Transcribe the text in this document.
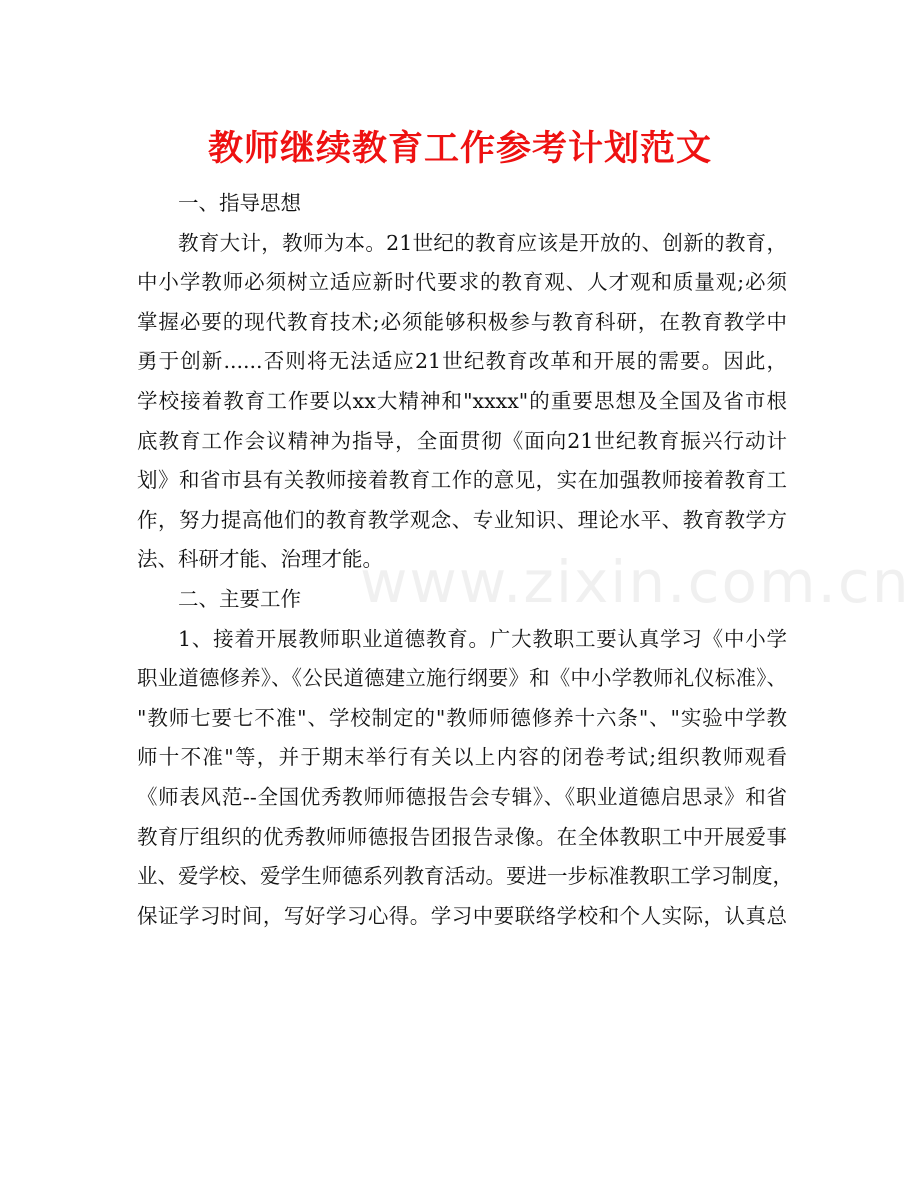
www.zixin.com.cn
教师继续教育工作参考计划范文
一、指导思想
教育大计，教师为本。21世纪的教育应该是开放的、创新的教育，
中小学教师必须树立适应新时代要求的教育观、人才观和质量观;必须
掌握必要的现代教育技术;必须能够积极参与教育科研，在教育教学中
勇于创新......否则将无法适应21世纪教育改革和开展的需要。因此，
学校接着教育工作要以xx大精神和"xxxx"的重要思想及全国及省市根
底教育工作会议精神为指导，全面贯彻《面向21世纪教育振兴行动计
划》和省市县有关教师接着教育工作的意见，实在加强教师接着教育工
作，努力提高他们的教育教学观念、专业知识、理论水平、教育教学方
法、科研才能、治理才能。
二、主要工作
1、接着开展教师职业道德教育。广大教职工要认真学习《中小学
职业道德修养》、《公民道德建立施行纲要》和《中小学教师礼仪标准》、
"教师七要七不准"、学校制定的"教师师德修养十六条"、"实验中学教
师十不准"等，并于期末举行有关以上内容的闭卷考试;组织教师观看
《师表风范--全国优秀教师师德报告会专辑》、《职业道德启思录》和省
教育厅组织的优秀教师师德报告团报告录像。在全体教职工中开展爱事
业、爱学校、爱学生师德系列教育活动。要进一步标准教职工学习制度，
保证学习时间，写好学习心得。学习中要联络学校和个人实际，认真总
